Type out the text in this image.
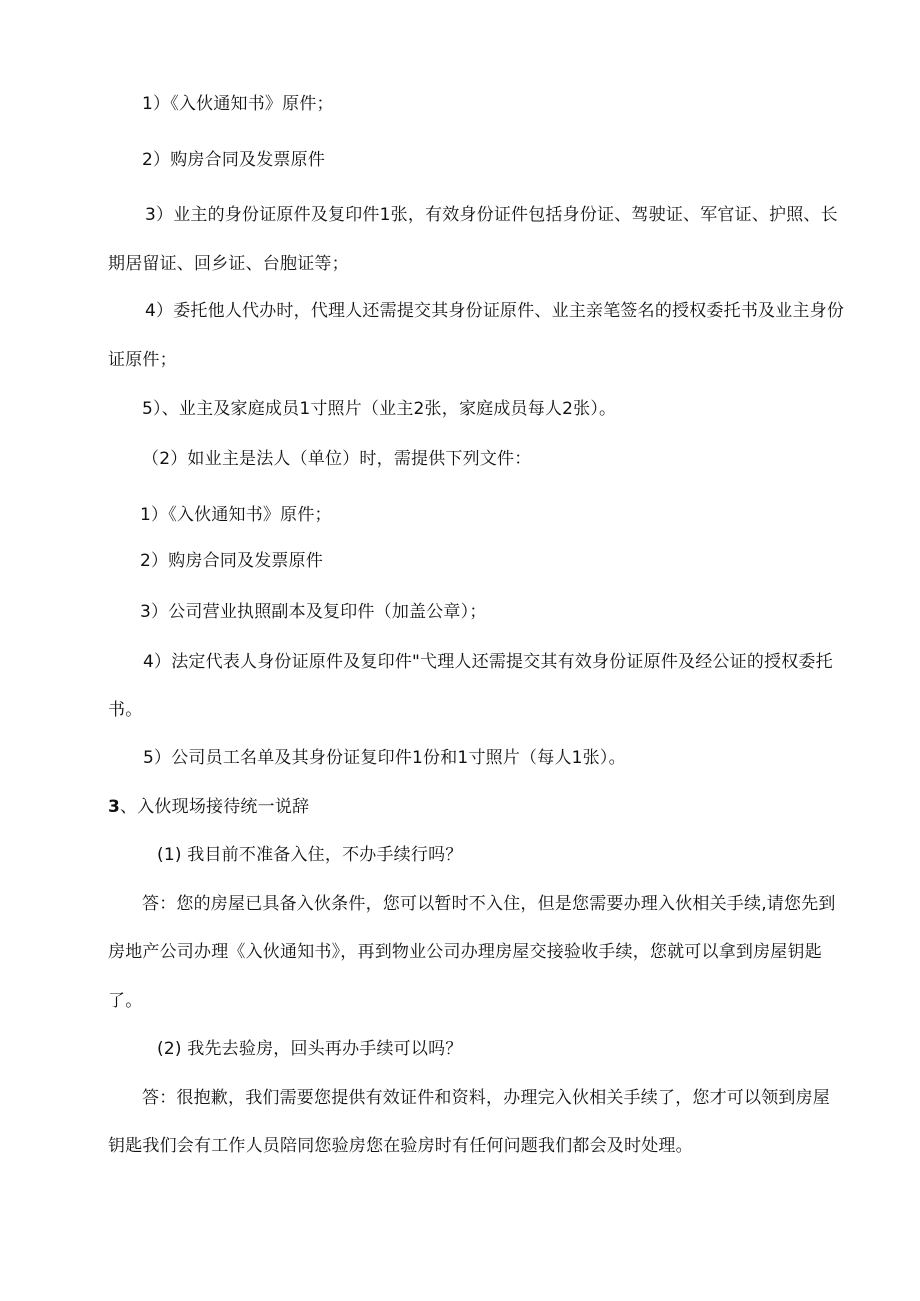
1）《入伙通知书》原件；
2）购房合同及发票原件
3）业主的身份证原件及复印件1张，有效身份证件包括身份证、驾驶证、军官证、护照、长
期居留证、回乡证、台胞证等；
4）委托他人代办时，代理人还需提交其身份证原件、业主亲笔签名的授权委托书及业主身份
证原件；
5）、业主及家庭成员1寸照片（业主2张，家庭成员每人2张）。
（2）如业主是法人（单位）时，需提供下列文件：
1）《入伙通知书》原件；
2）购房合同及发票原件
3）公司营业执照副本及复印件（加盖公章）；
4）法定代表人身份证原件及复印件"弋理人还需提交其有效身份证原件及经公证的授权委托
书。
5）公司员工名单及其身份证复印件1份和1寸照片（每人1张）。
3、入伙现场接待统一说辞
(1) 我目前不准备入住，不办手续行吗？
答：您的房屋已具备入伙条件，您可以暂时不入住，但是您需要办理入伙相关手续,请您先到
房地产公司办理《入伙通知书》，再到物业公司办理房屋交接验收手续，您就可以拿到房屋钥匙
了。
(2) 我先去验房，回头再办手续可以吗？
答：很抱歉，我们需要您提供有效证件和资料，办理完入伙相关手续了，您才可以领到房屋
钥匙我们会有工作人员陪同您验房您在验房时有任何问题我们都会及时处理。
